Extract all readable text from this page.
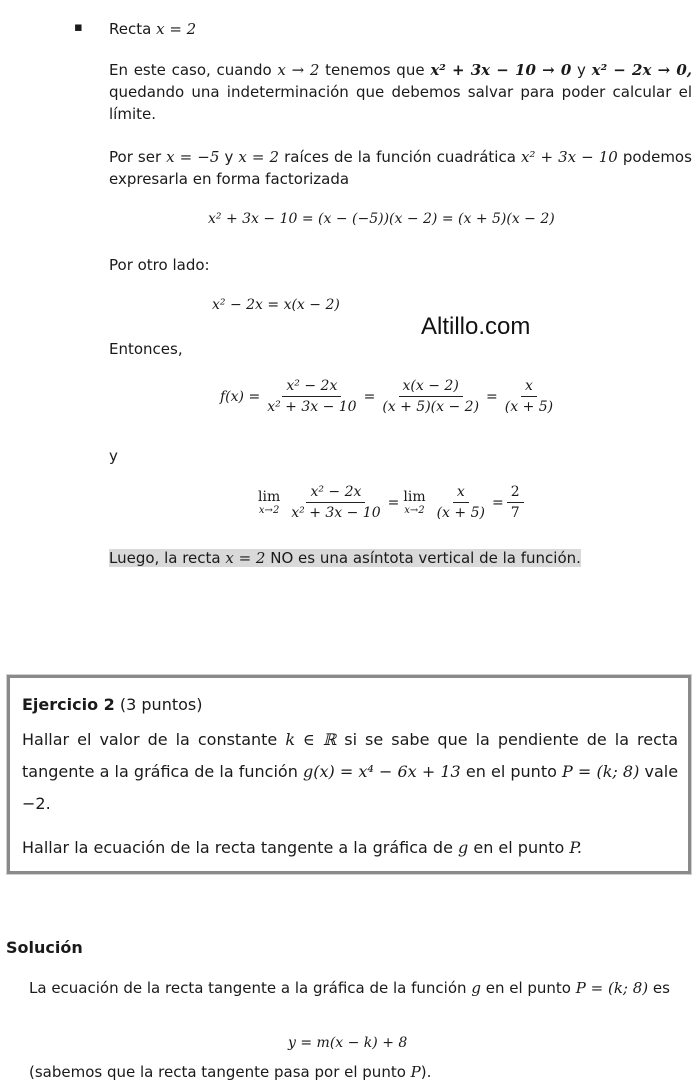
▪ Recta x = 2
En este caso, cuando x → 2 tenemos que x² + 3x − 10 → 0 y x² − 2x → 0, quedando una indeterminación que debemos salvar para poder calcular el límite.
Por ser x = −5 y x = 2 raíces de la función cuadrática x² + 3x − 10 podemos expresarla en forma factorizada
x² + 3x − 10 = (x − (−5))(x − 2) = (x + 5)(x − 2)
Por otro lado:
x² − 2x = x(x − 2)
Altillo.com
Entonces,
$f(x) = \frac{\text{x² − 2x}}{\text{x² + 3x − 10}} = \frac{x(x - 2)}{(x + 5)(x - 2)} = \frac{x}{(x + 5)}$
y
lim
$x\to 2 \frac{\text{x² − 2x}}{\text{x² + 3x − 10}} = \lim$
$x\to 2 \frac{x}{(x + 5)} = \frac{2}{7}$
Luego, la recta x = 2 NO es una asíntota vertical de la función.
Ejercicio 2 (3 puntos)
Hallar el valor de la constante k ∈ ℝ si se sabe que la pendiente de la recta tangente a la gráfica de la función g(x) = x⁴ − 6x + 13 en el punto P = (k; 8) vale −2.
Hallar la ecuación de la recta tangente a la gráfica de g en el punto P.
Solución
La ecuación de la recta tangente a la gráfica de la función g en el punto P = (k; 8) es
y = m(x − k) + 8
(sabemos que la recta tangente pasa por el punto P).
